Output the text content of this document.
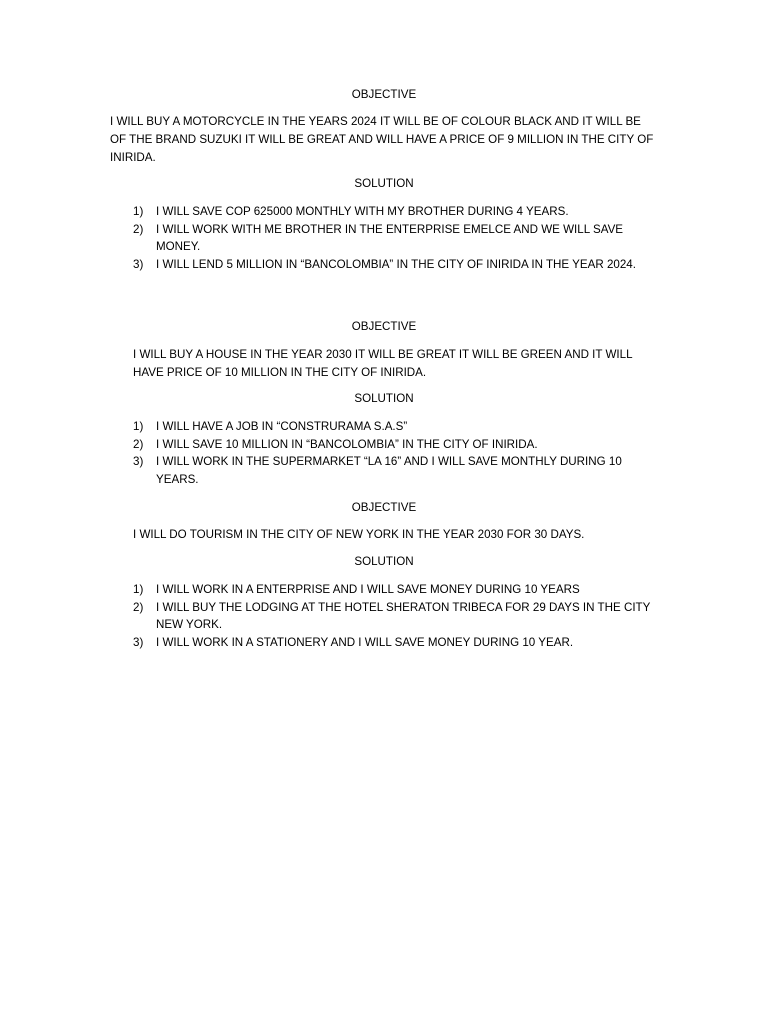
OBJECTIVE

I WILL BUY A MOTORCYCLE IN THE YEARS 2024 IT WILL BE OF COLOUR BLACK AND IT WILL BE OF THE BRAND SUZUKI IT WILL BE GREAT AND WILL HAVE A PRICE OF 9 MILLION IN THE CITY OF INIRIDA.

SOLUTION
1) I WILL SAVE COP 625000 MONTHLY WITH MY BROTHER DURING 4 YEARS.
2) I WILL WORK WITH ME BROTHER IN THE ENTERPRISE EMELCE AND WE WILL SAVE MONEY.
3) I WILL LEND 5 MILLION IN “BANCOLOMBIA” IN THE CITY OF INIRIDA IN THE YEAR 2024.
OBJECTIVE

I WILL BUY A HOUSE IN THE YEAR 2030 IT WILL BE GREAT IT WILL BE GREEN AND IT WILL HAVE PRICE OF 10 MILLION IN THE CITY OF INIRIDA.

SOLUTION
1) I WILL HAVE A JOB IN “CONSTRURAMA S.A.S”
2) I WILL SAVE 10 MILLION IN “BANCOLOMBIA” IN THE CITY OF INIRIDA.
3) I WILL WORK IN THE SUPERMARKET “LA 16” AND I WILL SAVE MONTHLY DURING 10 YEARS.
OBJECTIVE

I WILL DO TOURISM IN THE CITY OF NEW YORK IN THE YEAR 2030 FOR 30 DAYS.

SOLUTION
1) I WILL WORK IN A ENTERPRISE AND I WILL SAVE MONEY DURING 10 YEARS
2) I WILL BUY THE LODGING AT THE HOTEL SHERATON TRIBECA FOR 29 DAYS IN THE CITY NEW YORK.
3) I WILL WORK IN A STATIONERY AND I WILL SAVE MONEY DURING 10 YEAR.
